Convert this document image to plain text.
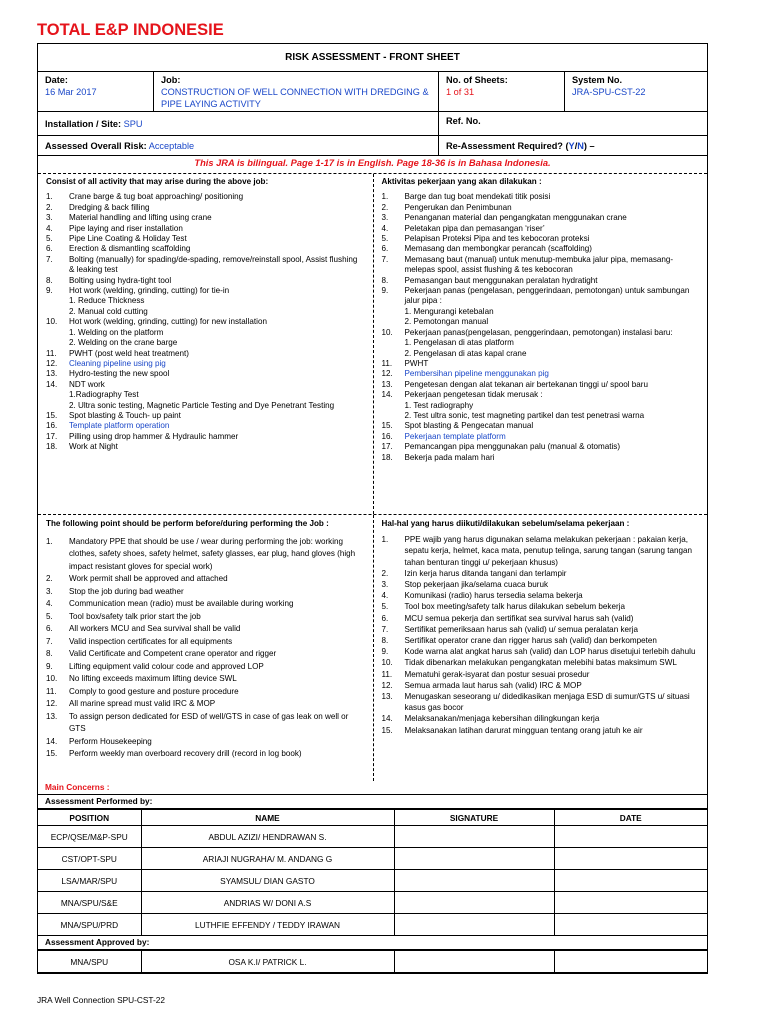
TOTAL E&P INDONESIE
RISK ASSESSMENT - FRONT SHEET
Date:
16 Mar 2017
Job:
CONSTRUCTION OF WELL CONNECTION WITH DREDGING & PIPE LAYING ACTIVITY
No. of Sheets:
1 of 31
System No.
JRA-SPU-CST-22
Installation / Site: SPU	Ref. No.
Assessed Overall Risk: Acceptable	Re-Assessment Required? (Y/N) –
This JRA is bilingual. Page 1-17 is in English. Page 18-36 is in Bahasa Indonesia.
Consist of all activity that may arise during the above job:
1.	Crane barge & tug boat approaching/ positioning
2.	Dredging & back filling
3.	Material handling and lifting using crane
4.	Pipe laying and riser installation
5.	Pipe Line Coating & Holiday Test
6.	Erection & dismantling scaffolding
7.	Bolting (manually) for spading/de-spading, remove/reinstall spool, Assist flushing & leaking test
8.	Bolting using hydra-tight tool
9.	Hot work (welding, grinding, cutting) for tie-in
1. Reduce Thickness
2. Manual cold cutting
10.	Hot work (welding, grinding, cutting) for new installation
1. Welding on the platform
2. Welding on the crane barge
11.	PWHT (post weld heat treatment)
12.	Cleaning pipeline using pig
13.	Hydro-testing the new spool
14.	NDT work
1.Radiography Test
2. Ultra sonic testing, Magnetic Particle Testing and Dye Penetrant Testing
15.	Spot blasting & Touch- up paint
16.	Template platform operation
17.	Pilling using drop hammer & Hydraulic hammer
18.	Work at Night
Aktivitas pekerjaan yang akan dilakukan :
1.	Barge dan tug boat mendekati titik posisi
2.	Pengerukan dan Penimbunan
3.	Penanganan material dan pengangkatan menggunakan crane
4.	Peletakan pipa dan pemasangan ‘riser’
5.	Pelapisan Proteksi Pipa and tes kebocoran proteksi
6.	Memasang dan membongkar perancah (scaffolding)
7.	Memasang baut (manual) untuk menutup-membuka jalur pipa, memasang-melepas spool, assist flushing & tes kebocoran
8.	Pemasangan baut menggunakan peralatan hydratight
9.	Pekerjaan panas (pengelasan, penggerindaan, pemotongan) untuk sambungan jalur pipa :
1. Mengurangi ketebalan
2. Pemotongan manual
10.	Pekerjaan panas(pengelasan, penggerindaan, pemotongan) instalasi baru:
1. Pengelasan di atas platform
2. Pengelasan di atas kapal crane
11.	PWHT
12.	Pembersihan pipeline menggunakan pig
13.	Pengetesan dengan alat tekanan air bertekanan tinggi u/ spool baru
14.	Pekerjaan pengetesan tidak merusak :
1. Test radiography
2. Test ultra sonic, test magneting partikel dan test penetrasi warna
15.	Spot blasting & Pengecatan manual
16.	Pekerjaan template platform
17.	Pemancangan pipa menggunakan palu (manual & otomatis)
18.	Bekerja pada malam hari
The following point should be perform before/during performing the Job :
1.	Mandatory PPE that should be use / wear during performing the job: working clothes, safety shoes, safety helmet, safety glasses, ear plug, hand gloves (high impact resistant gloves for special work)
2.	Work permit shall be approved and attached
3.	Stop the job during bad weather
4.	Communication mean (radio) must be available during working
5.	Tool box/safety talk prior start the job
6.	All workers MCU and Sea survival shall be valid
7.	Valid inspection certificates for all equipments
8.	Valid Certificate and Competent crane operator and rigger
9.	Lifting equipment valid colour code and approved LOP
10.	No lifting exceeds maximum lifting device SWL
11.	Comply to good gesture and posture procedure
12.	All marine spread must valid IRC & MOP
13.	To assign person dedicated for ESD of well/GTS in case of gas leak on well or GTS
14.	Perform Housekeeping
15.	Perform weekly man overboard recovery drill (record in log book)
Hal-hal yang harus diikuti/dilakukan sebelum/selama pekerjaan :
1.	PPE wajib yang harus digunakan selama melakukan pekerjaan : pakaian kerja, sepatu kerja, helmet, kaca mata, penutup telinga, sarung tangan (sarung tangan tahan benturan tinggi u/ pekerjaan khusus)
2.	Izin kerja harus ditanda tangani dan terlampir
3.	Stop pekerjaan jika/selama cuaca buruk
4.	Komunikasi (radio) harus tersedia selama bekerja
5.	Tool box meeting/safety talk harus dilakukan sebelum bekerja
6.	MCU semua pekerja dan sertifikat sea survival harus sah (valid)
7.	Sertifikat pemeriksaan harus sah (valid) u/ semua peralatan kerja
8.	Sertifikat operator crane dan rigger harus sah (valid) dan berkompeten
9.	Kode warna alat angkat harus sah (valid) dan LOP harus disetujui terlebih dahulu
10.	Tidak dibenarkan melakukan pengangkatan melebihi batas maksimum SWL
11.	Mematuhi gerak-isyarat dan postur sesuai prosedur
12.	Semua armada laut harus sah (valid) IRC & MOP
13.	Menugaskan seseorang u/ didedikasikan menjaga ESD di sumur/GTS u/ situasi kasus gas bocor
14.	Melaksanakan/menjaga kebersihan dilingkungan kerja
15.	Melaksanakan latihan darurat mingguan tentang orang jatuh ke air
Main Concerns :
Assessment Performed by:
POSITION	NAME	SIGNATURE	DATE
ECP/QSE/M&P-SPU	ABDUL AZIZI/ HENDRAWAN S.		
CST/OPT-SPU	ARIAJI NUGRAHA/ M. ANDANG G		
LSA/MAR/SPU	SYAMSUL/ DIAN GASTO		
MNA/SPU/S&E	ANDRIAS W/ DONI A.S		
MNA/SPU/PRD	LUTHFIE EFFENDY / TEDDY IRAWAN		
Assessment Approved by:
MNA/SPU	OSA K.I/ PATRICK L.		
JRA Well Connection SPU-CST-22
